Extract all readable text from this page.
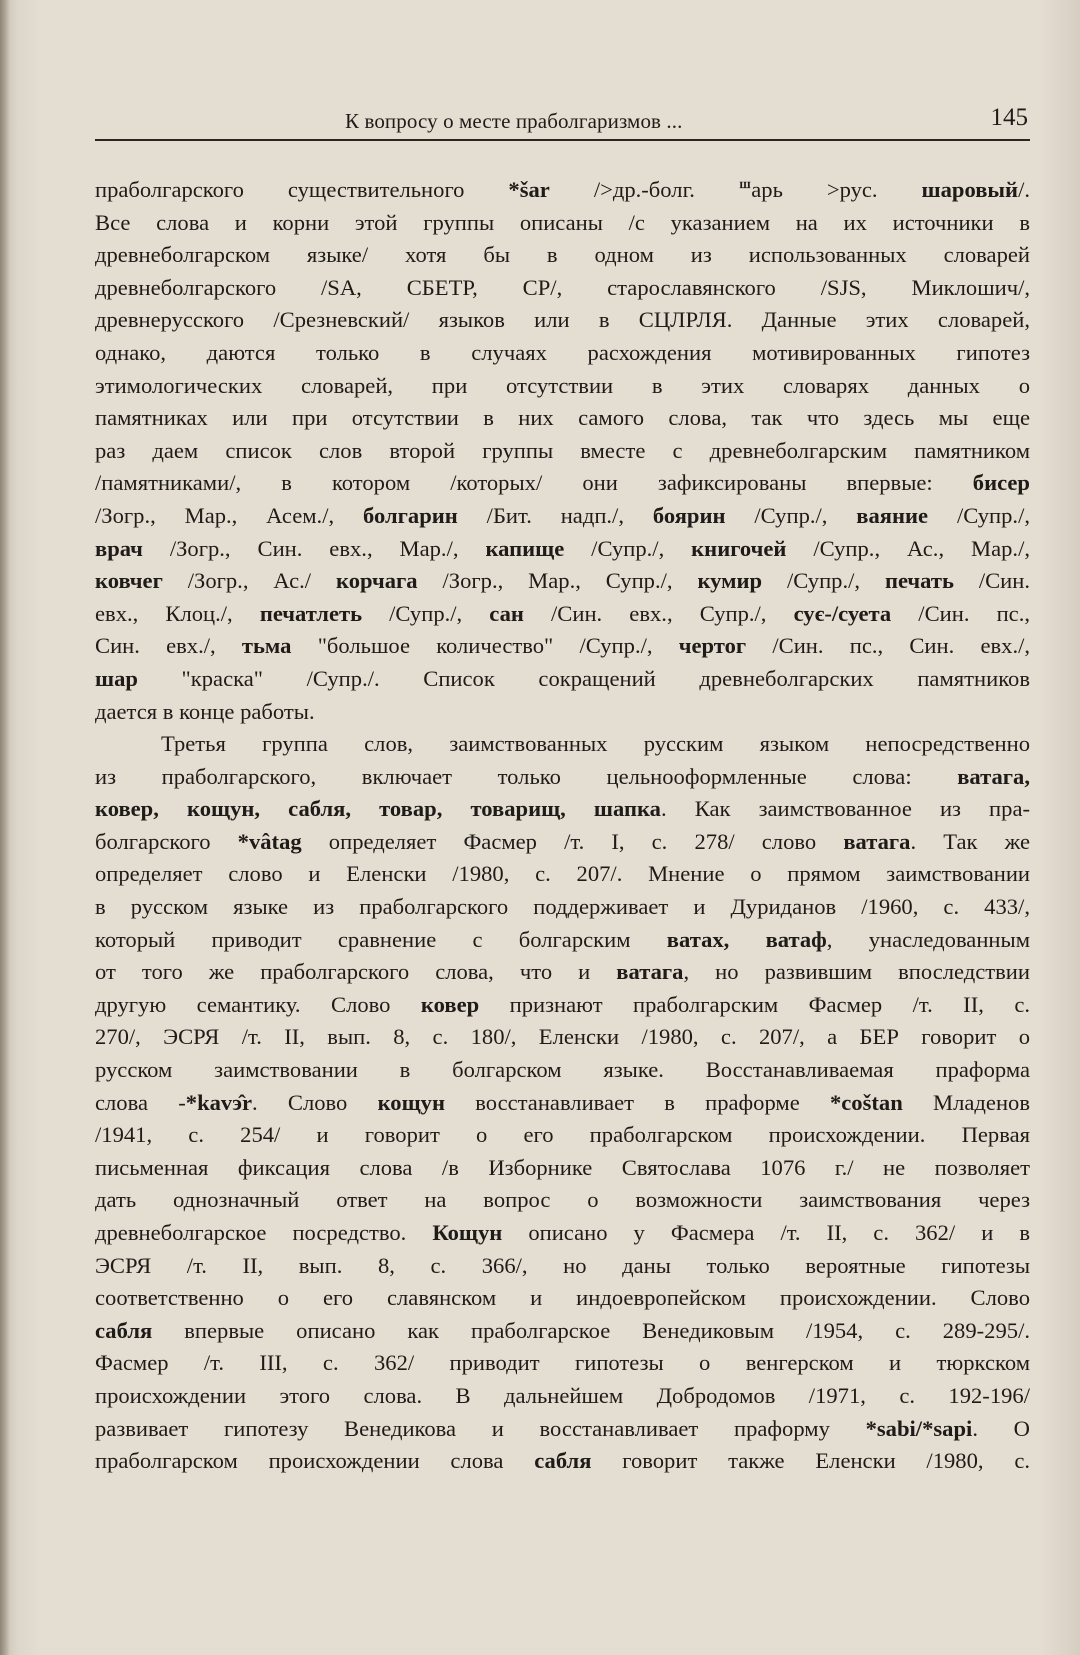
К вопросу о месте праболгаризмов ...	145
праболгарского существительного *šar />др.-болг. ⱎарь >рус. шаровый/.
Все слова и корни этой группы описаны /с указанием на их источники в
древнеболгарском языке/ хотя бы в одном из использованных словарей
древнеболгарского /SA, СБЕТР, СР/, старославянского /SJS, Миклошич/,
древнерусского /Срезневский/ языков или в СЦЛРЛЯ. Данные этих словарей,
однако, даются только в случаях расхождения мотивированных гипотез
этимологических словарей, при отсутствии в этих словарях данных о
памятниках или при отсутствии в них самого слова, так что здесь мы еще
раз даем список слов второй группы вместе с древнеболгарским памятником
/памятниками/, в котором /которых/ они зафиксированы впервые: бисер
/Зогр., Мар., Асем./, болгарин /Бит. надп./, боярин /Супр./, ваяние /Супр./,
врач /Зогр., Син. евх., Мар./, капище /Супр./, книгочей /Супр., Ас., Мар./,
ковчег /Зогр., Ас./ корчага /Зогр., Мар., Супр./, кумир /Супр./, печать /Син.
евх., Клоц./, печатлеть /Супр./, сан /Син. евх., Супр./, сує-/суета /Син. пс.,
Син. евх./, тьма "большое количество" /Супр./, чертог /Син. пс., Син. евх./,
шар "краска" /Супр./. Список сокращений древнеболгарских памятников
дается в конце работы.
Третья группа слов, заимствованных русским языком непосредственно
из праболгарского, включает только цельнооформленные слова: ватага,
ковер, кощун, сабля, товар, товарищ, шапка. Как заимствованное из пра-
болгарского *vâtag определяет Фасмер /т. I, с. 278/ слово ватага. Так же
определяет слово и Еленски /1980, с. 207/. Мнение о прямом заимствовании
в русском языке из праболгарского поддерживает и Дуриданов /1960, с. 433/,
который приводит сравнение с болгарским ватах, ватаф, унаследованным
от того же праболгарского слова, что и ватага, но развившим впоследствии
другую семантику. Слово ковер признают праболгарским Фасмер /т. II, с.
270/, ЭСРЯ /т. II, вып. 8, с. 180/, Еленски /1980, с. 207/, а БЕР говорит о
русском заимствовании в болгарском языке. Восстанавливаемая праформа
слова -*kavэ̂r. Слово кощун восстанавливает в праформе *coštan Младенов
/1941, с. 254/ и говорит о его праболгарском происхождении. Первая
письменная фиксация слова /в Изборнике Святослава 1076 г./ не позволяет
дать однозначный ответ на вопрос о возможности заимствования через
древнеболгарское посредство. Кощун описано у Фасмера /т. II, с. 362/ и в
ЭСРЯ /т. II, вып. 8, с. 366/, но даны только вероятные гипотезы
соответственно о его славянском и индоевропейском происхождении. Слово
сабля впервые описано как праболгарское Венедиковым /1954, с. 289-295/.
Фасмер /т. III, с. 362/ приводит гипотезы о венгерском и тюркском
происхождении этого слова. В дальнейшем Добродомов /1971, с. 192-196/
развивает гипотезу Венедикова и восстанавливает праформу *sabi/*sapi. О
праболгарском происхождении слова сабля говорит также Еленски /1980, с.
